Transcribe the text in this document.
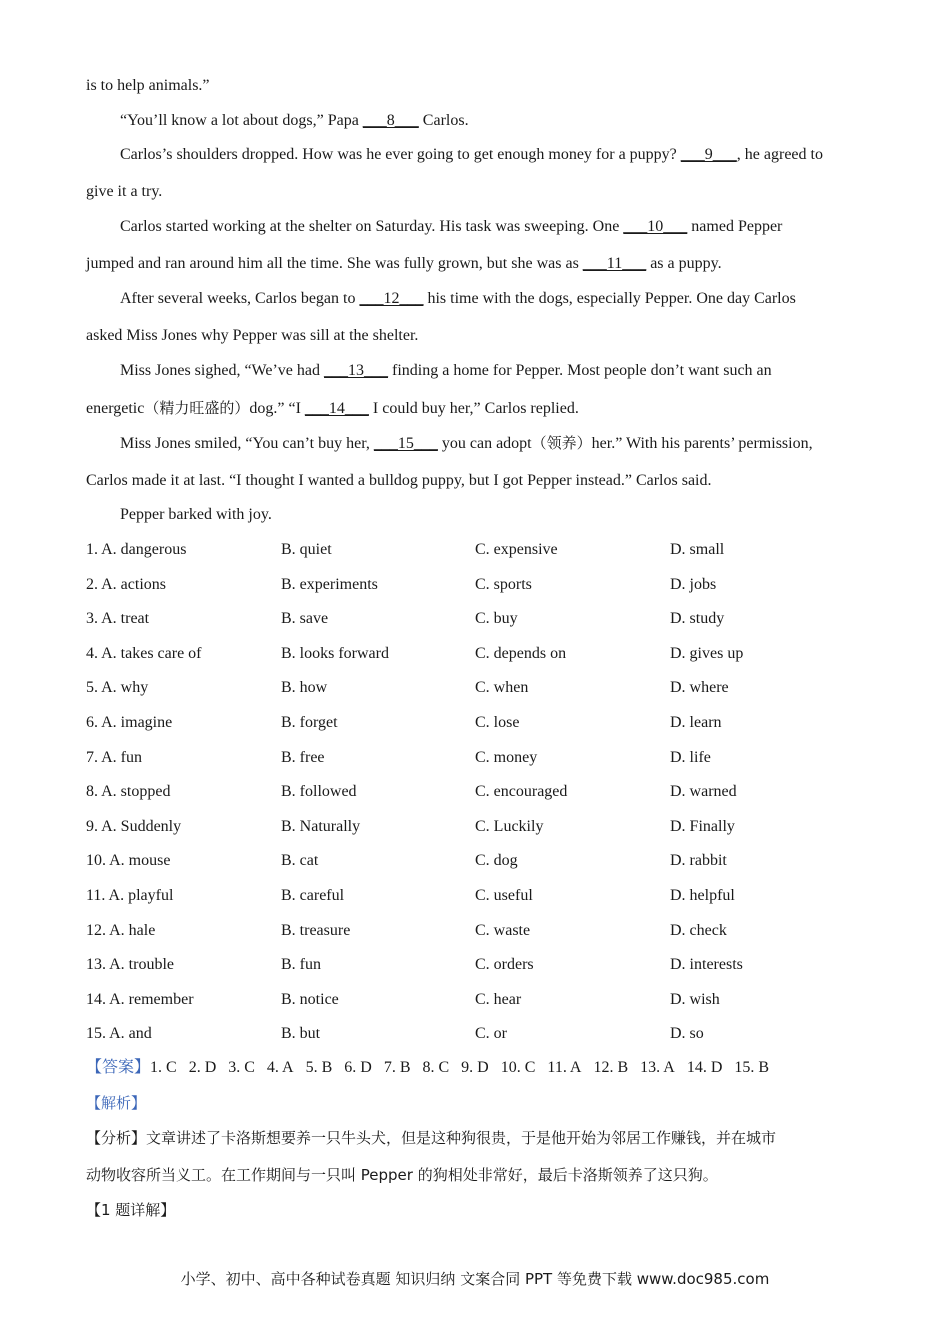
is to help animals.”
“You’ll know a lot about dogs,” Papa ___8___ Carlos.
Carlos’s shoulders dropped. How was he ever going to get enough money for a puppy? ___9___, he agreed to
give it a try.
Carlos started working at the shelter on Saturday. His task was sweeping. One ___10___ named Pepper
jumped and ran around him all the time. She was fully grown, but she was as ___11___ as a puppy.
After several weeks, Carlos began to ___12___ his time with the dogs, especially Pepper. One day Carlos
asked Miss Jones why Pepper was sill at the shelter.
Miss Jones sighed, “We’ve had ___13___ finding a home for Pepper. Most people don’t want such an
energetic（精力旺盛的）dog.” “I ___14___ I could buy her,” Carlos replied.
Miss Jones smiled, “You can’t buy her, ___15___ you can adopt（领养）her.” With his parents’ permission,
Carlos made it at last. “I thought I wanted a bulldog puppy, but I got Pepper instead.” Carlos said.
Pepper barked with joy.
1. A. dangerous	B. quiet	C. expensive	D. small
2. A. actions	B. experiments	C. sports	D. jobs
3. A. treat	B. save	C. buy	D. study
4. A. takes care of	B. looks forward	C. depends on	D. gives up
5. A. why	B. how	C. when	D. where
6. A. imagine	B. forget	C. lose	D. learn
7. A. fun	B. free	C. money	D. life
8. A. stopped	B. followed	C. encouraged	D. warned
9. A. Suddenly	B. Naturally	C. Luckily	D. Finally
10. A. mouse	B. cat	C. dog	D. rabbit
11. A. playful	B. careful	C. useful	D. helpful
12. A. hale	B. treasure	C. waste	D. check
13. A. trouble	B. fun	C. orders	D. interests
14. A. remember	B. notice	C. hear	D. wish
15. A. and	B. but	C. or	D. so
【答案】1. C 2. D 3. C 4. A 5. B 6. D 7. B 8. C 9. D 10. C 11. A 12. B 13. A 14. D 15. B
【解析】
【分析】文章讲述了卡洛斯想要养一只牛头犬，但是这种狗很贵，于是他开始为邻居工作赚钱，并在城市
动物收容所当义工。在工作期间与一只叫 Pepper 的狗相处非常好，最后卡洛斯领养了这只狗。
【1 题详解】
小学、初中、高中各种试卷真题 知识归纳 文案合同 PPT 等免费下载 www.doc985.com
